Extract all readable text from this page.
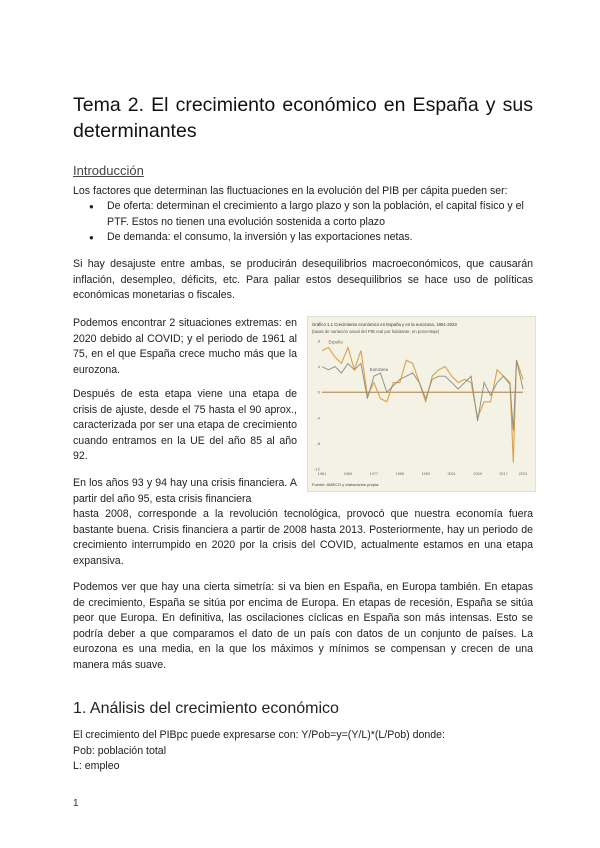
Tema 2. El crecimiento económico en España y sus determinantes
Introducción

Los factores que determinan las fluctuaciones en la evolución del PIB per cápita pueden ser:

● De oferta: determinan el crecimiento a largo plazo y son la población, el capital físico y el PTF. Estos no tienen una evolución sostenida a corto plazo
● De demanda: el consumo, la inversión y las exportaciones netas.

Si hay desajuste entre ambas, se producirán desequilibrios macroeconómicos, que causarán inflación, desempleo, déficits, etc. Para paliar estos desequilibrios se hace uso de políticas económicas monetarias o fiscales.

Podemos encontrar 2 situaciones extremas: en 2020 debido al COVID; y el periodo de 1961 al 75, en el que España crece mucho más que la eurozona.

Después de esta etapa viene una etapa de crisis de ajuste, desde el 75 hasta el 90 aprox., caracterizada por ser una etapa de crecimiento cuando entramos en la UE del año 85 al año 92.

En los años 93 y 94 hay una crisis financiera. A partir del año 95, esta crisis financiera
hasta 2008, corresponde a la revolución tecnológica, provocó que nuestra economía fuera bastante buena. Crisis financiera a partir de 2008 hasta 2013. Posteriormente, hay un periodo de crecimiento interrumpido en 2020 por la crisis del COVID, actualmente estamos en una etapa expansiva.

Podemos ver que hay una cierta simetría: si va bien en España, en Europa también. En etapas de crecimiento, España se sitúa por encima de Europa. En etapas de recesión, España se sitúa peor que Europa. En definitiva, las oscilaciones cíclicas en España son más intensas. Esto se podría deber a que comparamos el dato de un país con datos de un conjunto de países. La eurozona es una media, en la que los máximos y mínimos se compensan y crecen de una manera más suave.

1. Análisis del crecimiento económico

El crecimiento del PIBpc puede expresarse con: Y/Pob=y=(Y/L)*(L/Pob) donde:
Pob: población total
L: empleo

1
Gráfico 1.1 Crecimiento económico en España y en la eurozona, 1961-2023
(tasas de variación anual del PIB real por habitante, en porcentaje)
-12
-8
-4
0
4
8
1961	1969	1977	1985	1993	2001	2009	2017	2023
España
Eurozona
Fuente: AMECO y elaboración propia.
